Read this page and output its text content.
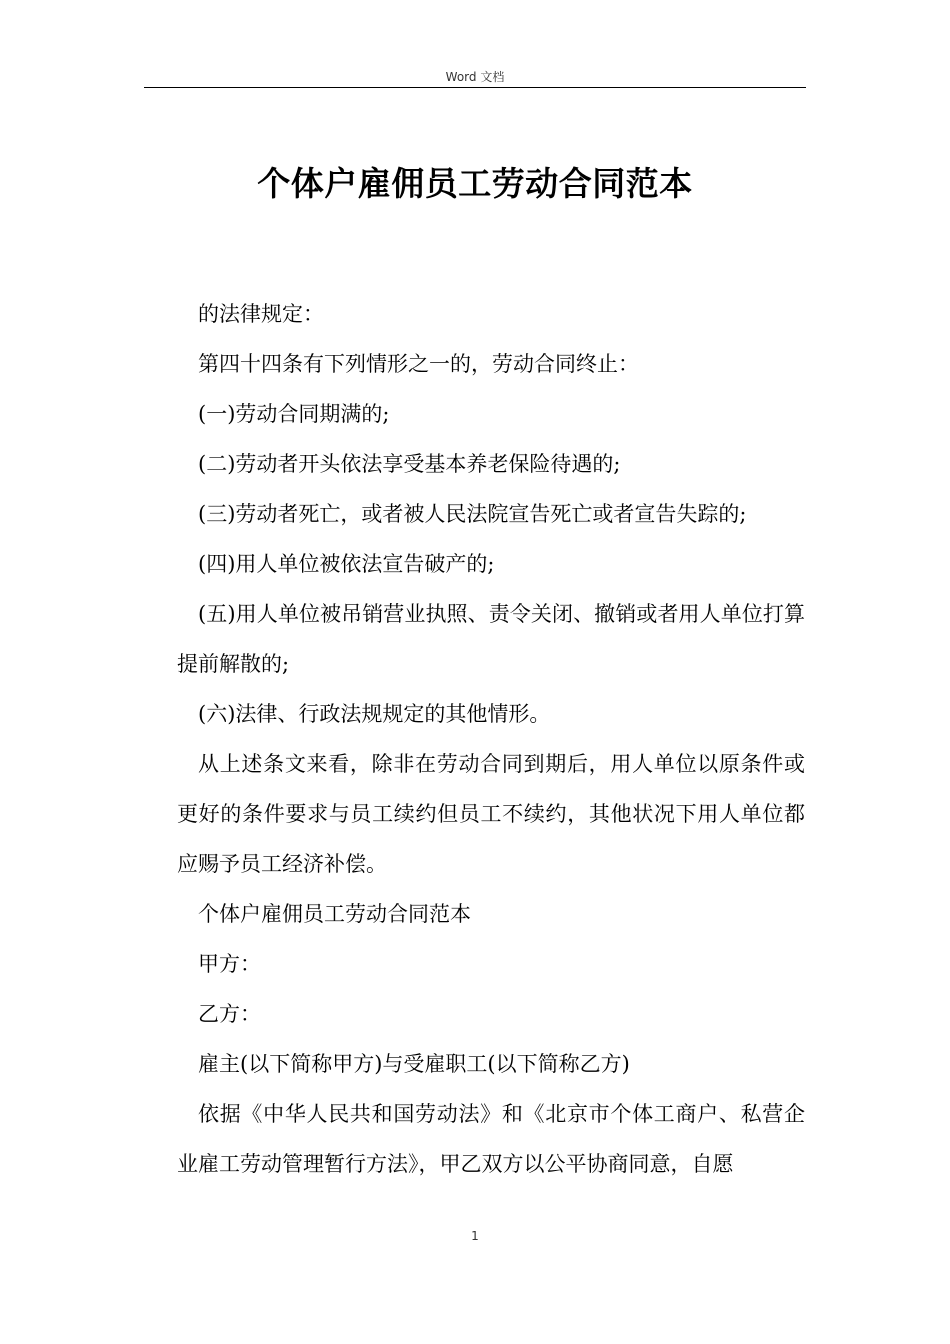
Word 文档
个体户雇佣员工劳动合同范本

的法律规定：

第四十四条有下列情形之一的，劳动合同终止：

(一)劳动合同期满的;

(二)劳动者开头依法享受基本养老保险待遇的;

(三)劳动者死亡，或者被人民法院宣告死亡或者宣告失踪的;

(四)用人单位被依法宣告破产的;

(五)用人单位被吊销营业执照、责令关闭、撤销或者用人单位打算提前解散的;

(六)法律、行政法规规定的其他情形。

从上述条文来看，除非在劳动合同到期后，用人单位以原条件或更好的条件要求与员工续约但员工不续约，其他状况下用人单位都应赐予员工经济补偿。

个体户雇佣员工劳动合同范本

甲方：

乙方：

雇主(以下简称甲方)与受雇职工(以下简称乙方)

依据《中华人民共和国劳动法》和《北京市个体工商户、私营企业雇工劳动管理暂行方法》，甲乙双方以公平协商同意，自愿

1
